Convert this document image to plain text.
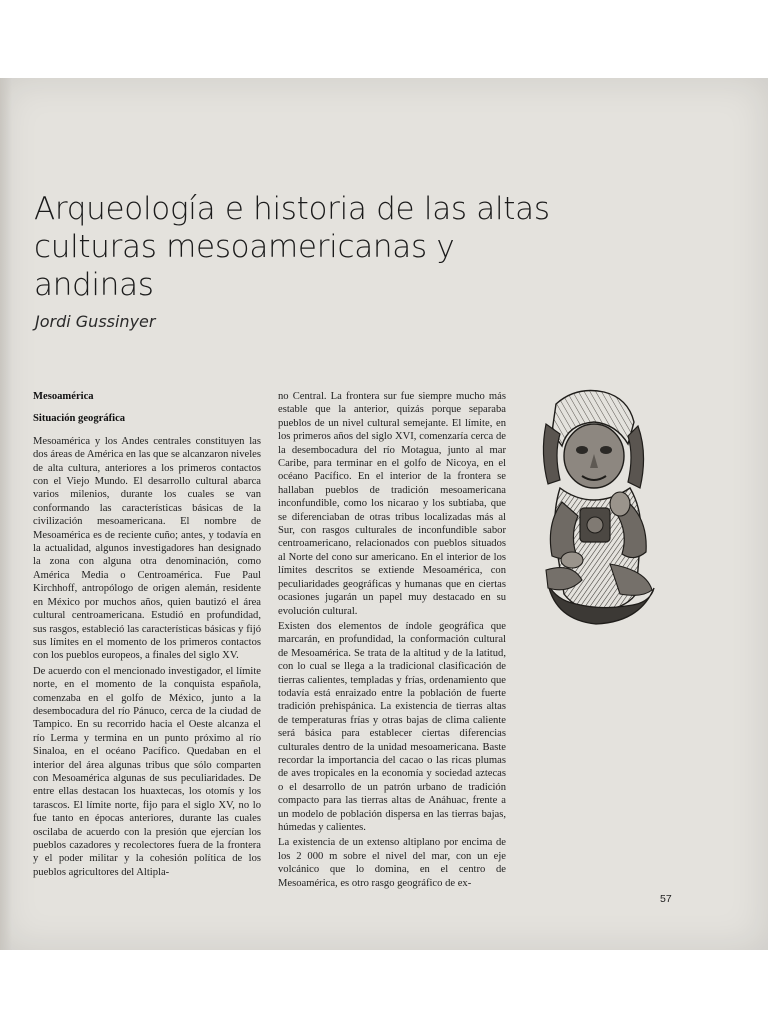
Arqueología e historia de las altas culturas mesoamericanas y andinas

Jordi Gussinyer

Mesoamérica
Situación geográfica

Mesoamérica y los Andes centrales constituyen las dos áreas de América en las que se alcanzaron niveles de alta cultura, anteriores a los primeros contactos con el Viejo Mundo. El desarrollo cultural abarca varios milenios, durante los cuales se van conformando las características básicas de la civilización mesoamericana. El nombre de Mesoamérica es de reciente cuño; antes, y todavía en la actualidad, algunos investigadores han designado la zona con alguna otra denominación, como América Media o Centroamérica. Fue Paul Kirchhoff, antropólogo de origen alemán, residente en México por muchos años, quien bautizó el área cultural centroamericana. Estudió en profundidad, sus rasgos, estableció las características básicas y fijó sus límites en el momento de los primeros contactos con los pueblos europeos, a finales del siglo XV.

De acuerdo con el mencionado investigador, el límite norte, en el momento de la conquista española, comenzaba en el golfo de México, junto a la desembocadura del río Pánuco, cerca de la ciudad de Tampico. En su recorrido hacia el Oeste alcanza el río Lerma y termina en un punto próximo al río Sinaloa, en el océano Pacífico. Quedaban en el interior del área algunas tribus que sólo comparten con Mesoamérica algunas de sus peculiaridades. De entre ellas destacan los huaxtecas, los otomís y los tarascos. El límite norte, fijo para el siglo XV, no lo fue tanto en épocas anteriores, durante las cuales oscilaba de acuerdo con la presión que ejercían los pueblos cazadores y recolectores fuera de la frontera y el poder militar y la cohesión política de los pueblos agricultores del Altipla-

no Central. La frontera sur fue siempre mucho más estable que la anterior, quizás porque separaba pueblos de un nivel cultural semejante. El límite, en los primeros años del siglo XVI, comenzaría cerca de la desembocadura del río Motagua, junto al mar Caribe, para terminar en el golfo de Nicoya, en el océano Pacífico. En el interior de la frontera se hallaban pueblos de tradición mesoamericana inconfundible, como los nicarao y los subtiaba, que se diferenciaban de otras tribus localizadas más al Sur, con rasgos culturales de inconfundible sabor centroamericano, relacionados con pueblos situados al Norte del cono sur americano. En el interior de los límites descritos se extiende Mesoamérica, con peculiaridades geográficas y humanas que en ciertas ocasiones jugarán un papel muy destacado en su evolución cultural.

Existen dos elementos de índole geográfica que marcarán, en profundidad, la conformación cultural de Mesoamérica. Se trata de la altitud y de la latitud, con lo cual se llega a la tradicional clasificación de tierras calientes, templadas y frías, ordenamiento que todavía está enraizado entre la población de fuerte tradición prehispánica. La existencia de tierras altas de temperaturas frías y otras bajas de clima caliente será básica para establecer ciertas diferencias culturales dentro de la unidad mesoamericana. Baste recordar la importancia del cacao o las ricas plumas de aves tropicales en la economía y sociedad aztecas o el desarrollo de un patrón urbano de tradición compacto para las tierras altas de Anáhuac, frente a un modelo de población dispersa en las tierras bajas, húmedas y calientes.

La existencia de un extenso altiplano por encima de los 2 000 m sobre el nivel del mar, con un eje volcánico que lo domina, en el centro de Mesoamérica, es otro rasgo geográfico de ex-

57
